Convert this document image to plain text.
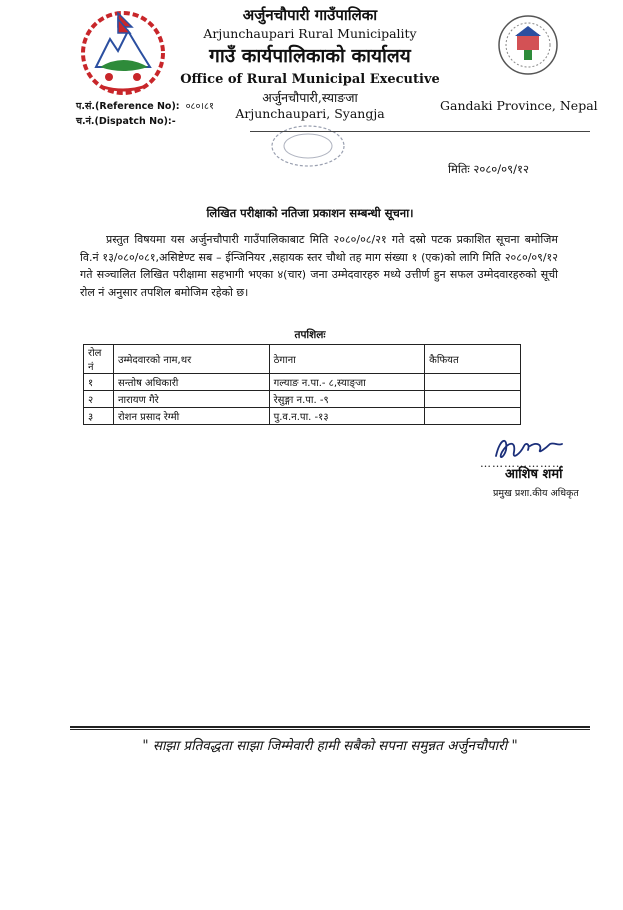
अर्जुनचौपारी गाउँपालिका
Arjunchaupari Rural Municipality
गाउँ कार्यपालिकाको कार्यालय
Office of Rural Municipal Executive
अर्जुनचौपारी,स्याङजा
Arjunchaupari, Syangja
Gandaki Province, Nepal
प.सं.(Reference No): ०८०।८१
च.नं.(Dispatch No):-
मितिः २०८०/०९/१२
लिखित परीक्षाको नतिजा प्रकाशन सम्बन्धी सूचना।
प्रस्तुत विषयमा यस अर्जुनचौपारी गाउँपालिकाबाट मिति २०८०/०८/२१ गते दस्रो पटक प्रकाशित सूचना बमोजिम वि.नं १३/०८०/०८१,असिष्टेण्ट सब – ईन्जिनियर ,सहायक स्तर चौथो तह माग संख्या १ (एक)को लागि मिति २०८०/०९/१२ गते सञ्चालित लिखित परीक्षामा सहभागी भएका ४(चार) जना उम्मेदवारहरु मध्ये उत्तीर्ण हुन सफल उम्मेदवारहरुको सूची रोल नं अनुसार तपशिल बमोजिम रहेको छ।
तपशिलः
रोल नं	उम्मेदवारको नाम,थर	ठेगाना	कैफियत
१	सन्तोष अधिकारी	गल्याङ न.पा.- ८,स्याङ्जा	
२	नारायण गैरे	रेसुङ्गा न.पा. -९	
३	रोशन प्रसाद रेग्मी	पु.व.न.पा. -१३	
…………………
आशिष शर्मा
प्रमुख प्रशा.कीय अधिकृत
" साझा प्रतिवद्धता साझा जिम्मेवारी हामी सबैको सपना समुन्नत अर्जुनचौपारी "
